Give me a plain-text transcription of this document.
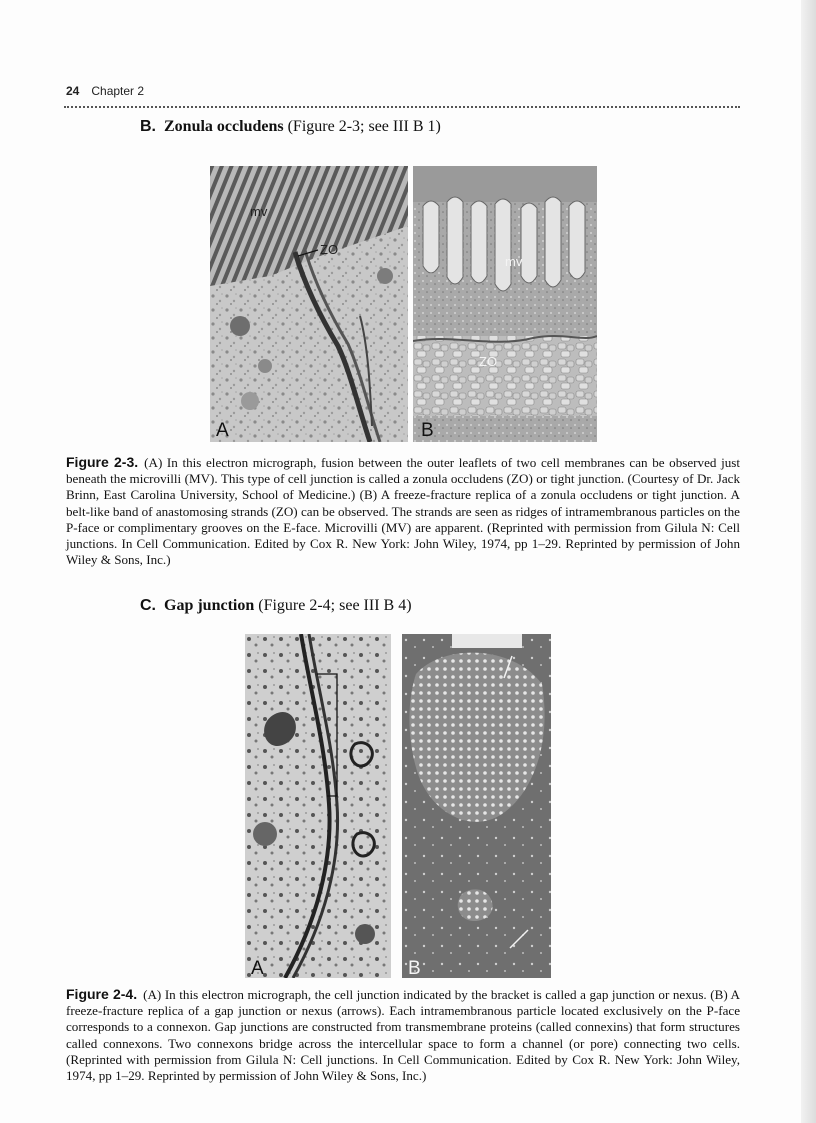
24 Chapter 2
B. Zonula occludens (Figure 2-3; see III B 1)
mv
ZO
A
mv
ZO
B
Figure 2-3. (A) In this electron micrograph, fusion between the outer leaflets of two cell membranes can be observed just beneath the microvilli (MV). This type of cell junction is called a zonula occludens (ZO) or tight junction. (Courtesy of Dr. Jack Brinn, East Carolina University, School of Medicine.) (B) A freeze-fracture replica of a zonula occludens or tight junction. A belt-like band of anastomosing strands (ZO) can be observed. The strands are seen as ridges of intramembranous particles on the P-face or complimentary grooves on the E-face. Microvilli (MV) are apparent. (Reprinted with permission from Gilula N: Cell junctions. In Cell Communication. Edited by Cox R. New York: John Wiley, 1974, pp 1–29. Reprinted by permission of John Wiley & Sons, Inc.)
C. Gap junction (Figure 2-4; see III B 4)
A	B
Figure 2-4. (A) In this electron micrograph, the cell junction indicated by the bracket is called a gap junction or nexus. (B) A freeze-fracture replica of a gap junction or nexus (arrows). Each intramembranous particle located exclusively on the P-face corresponds to a connexon. Gap junctions are constructed from transmembrane proteins (called connexins) that form structures called connexons. Two connexons bridge across the intercellular space to form a channel (or pore) connecting two cells. (Reprinted with permission from Gilula N: Cell junctions. In Cell Communication. Edited by Cox R. New York: John Wiley, 1974, pp 1–29. Reprinted by permission of John Wiley & Sons, Inc.)
